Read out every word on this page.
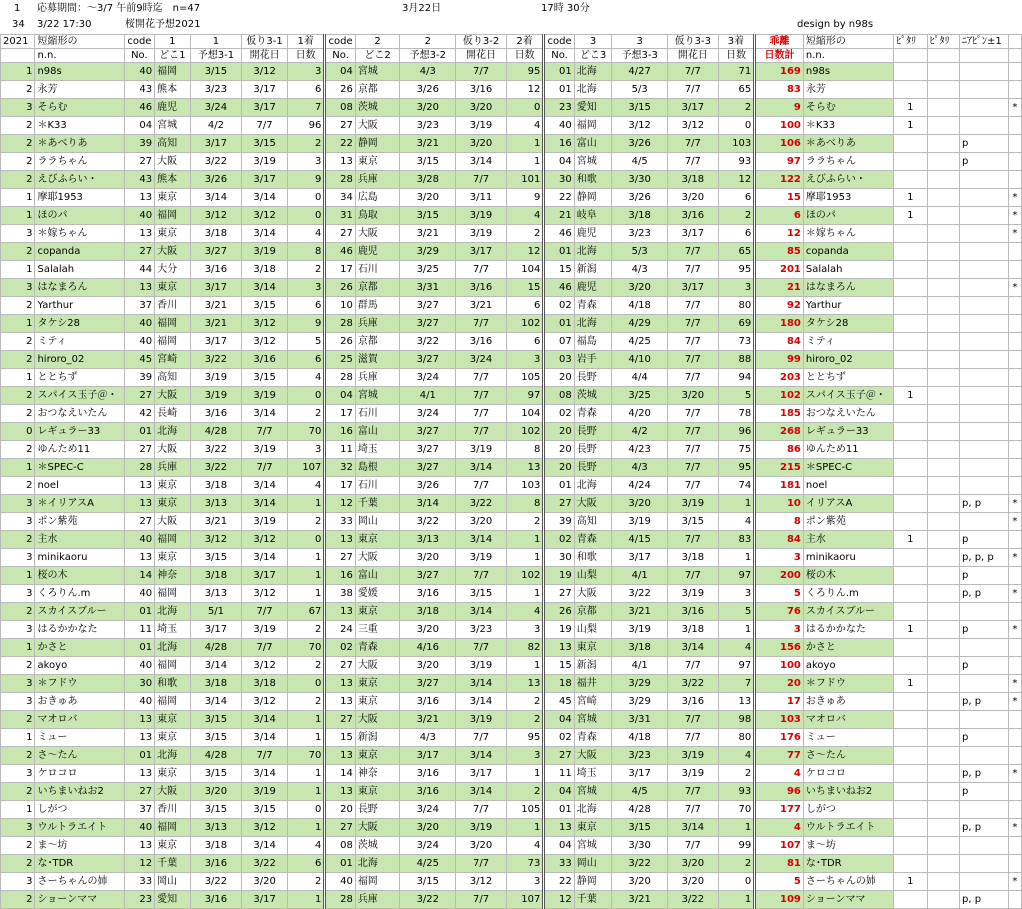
1 応募期間：～3/7 午前9時迄　n=47	3月22日	17時 30分
34 3/22 17:30	桜開花予想2021	design by n98s
2021	短縮形の	code	1	1	仮り3-1	1着	code	2	2	仮り3-2	2着	code	3	3	仮り3-3	3着	乖離	短縮形の	ﾋﾟﾀﾘ	ﾋﾟﾀﾘ	ﾆｱﾋﾟﾝ±1	
	n.n.	No.	どこ1	予想3-1	開花日	日数	No.	どこ2	予想3-2	開花日	日数	No.	どこ3	予想3-3	開花日	日数	日数計	n.n.				
1	n98s	40	福岡	3/15	3/12	3	04	宮城	4/3	7/7	95	01	北海	4/27	7/7	71	169	n98s				
2	永芳	43	熊本	3/23	3/17	6	26	京都	3/26	3/16	12	01	北海	5/3	7/7	65	83	永芳				
3	そらむ	46	鹿児	3/24	3/17	7	08	茨城	3/20	3/20	0	23	愛知	3/15	3/17	2	9	そらむ	1			*
2	＊K33	04	宮城	4/2	7/7	96	27	大阪	3/23	3/19	4	40	福岡	3/12	3/12	0	100	＊K33	1			
2	＊あべりあ	39	高知	3/17	3/15	2	22	静岡	3/21	3/20	1	16	富山	3/26	7/7	103	106	＊あべりあ			p	
2	ララちゃん	27	大阪	3/22	3/19	3	13	東京	3/15	3/14	1	04	宮城	4/5	7/7	93	97	ララちゃん			p	
2	えびふらい・	43	熊本	3/26	3/17	9	28	兵庫	3/28	7/7	101	30	和歌	3/30	3/18	12	122	えびふらい・				
1	摩耶1953	13	東京	3/14	3/14	0	34	広島	3/20	3/11	9	22	静岡	3/26	3/20	6	15	摩耶1953	1			*
1	ほのパ	40	福岡	3/12	3/12	0	31	鳥取	3/15	3/19	4	21	岐阜	3/18	3/16	2	6	ほのパ	1			*
3	＊嫁ちゃん	13	東京	3/18	3/14	4	27	大阪	3/21	3/19	2	46	鹿児	3/23	3/17	6	12	＊嫁ちゃん				*
2	copanda	27	大阪	3/27	3/19	8	46	鹿児	3/29	3/17	12	01	北海	5/3	7/7	65	85	copanda				
1	Salalah	44	大分	3/16	3/18	2	17	石川	3/25	7/7	104	15	新潟	4/3	7/7	95	201	Salalah				
3	はなまろん	13	東京	3/17	3/14	3	26	京都	3/31	3/16	15	46	鹿児	3/20	3/17	3	21	はなまろん				*
2	Yarthur	37	香川	3/21	3/15	6	10	群馬	3/27	3/21	6	02	青森	4/18	7/7	80	92	Yarthur				
1	タケシ28	40	福岡	3/21	3/12	9	28	兵庫	3/27	7/7	102	01	北海	4/29	7/7	69	180	タケシ28				
2	ミティ	40	福岡	3/17	3/12	5	26	京都	3/22	3/16	6	07	福島	4/25	7/7	73	84	ミティ				
2	hiroro_02	45	宮崎	3/22	3/16	6	25	滋賀	3/27	3/24	3	03	岩手	4/10	7/7	88	99	hiroro_02				
1	ととちず	39	高知	3/19	3/15	4	28	兵庫	3/24	7/7	105	20	長野	4/4	7/7	94	203	ととちず				
2	スパイス玉子＠・	27	大阪	3/19	3/19	0	04	宮城	4/1	7/7	97	08	茨城	3/25	3/20	5	102	スパイス玉子＠・	1			
2	おつなえいたん	42	長崎	3/16	3/14	2	17	石川	3/24	7/7	104	02	青森	4/20	7/7	78	185	おつなえいたん				
0	レギュラー33	01	北海	4/28	7/7	70	16	富山	3/27	7/7	102	20	長野	4/2	7/7	96	268	レギュラー33				
2	ゆんため11	27	大阪	3/22	3/19	3	11	埼玉	3/27	3/19	8	20	長野	4/23	7/7	75	86	ゆんため11				
1	＊SPEC-C	28	兵庫	3/22	7/7	107	32	島根	3/27	3/14	13	20	長野	4/3	7/7	95	215	＊SPEC-C				
2	noel	13	東京	3/18	3/14	4	17	石川	3/26	7/7	103	01	北海	4/24	7/7	74	181	noel				
3	＊イリアスA	13	東京	3/13	3/14	1	12	千葉	3/14	3/22	8	27	大阪	3/20	3/19	1	10	イリアスA			p, p	*
3	ポン紫苑	27	大阪	3/21	3/19	2	33	岡山	3/22	3/20	2	39	高知	3/19	3/15	4	8	ポン紫苑				*
2	主水	40	福岡	3/12	3/12	0	13	東京	3/13	3/14	1	02	青森	4/15	7/7	83	84	主水	1		p	
3	minikaoru	13	東京	3/15	3/14	1	27	大阪	3/20	3/19	1	30	和歌	3/17	3/18	1	3	minikaoru			p, p, p	*
1	桜の木	14	神奈	3/18	3/17	1	16	富山	3/27	7/7	102	19	山梨	4/1	7/7	97	200	桜の木			p	
3	くろりん.m	40	福岡	3/13	3/12	1	38	愛媛	3/16	3/15	1	27	大阪	3/22	3/19	3	5	くろりん.m			p, p	*
2	スカイスブルー	01	北海	5/1	7/7	67	13	東京	3/18	3/14	4	26	京都	3/21	3/16	5	76	スカイスブルー				
3	はるかかなた	11	埼玉	3/17	3/19	2	24	三重	3/20	3/23	3	19	山梨	3/19	3/18	1	3	はるかかなた	1		p	*
1	かさと	01	北海	4/28	7/7	70	02	青森	4/16	7/7	82	13	東京	3/18	3/14	4	156	かさと				
2	akoyo	40	福岡	3/14	3/12	2	27	大阪	3/20	3/19	1	15	新潟	4/1	7/7	97	100	akoyo			p	
3	＊フドウ	30	和歌	3/18	3/18	0	13	東京	3/27	3/14	13	18	福井	3/29	3/22	7	20	＊フドウ	1			*
3	おきゅあ	40	福岡	3/14	3/12	2	13	東京	3/16	3/14	2	45	宮崎	3/29	3/16	13	17	おきゅあ			p, p	*
2	マオロバ	13	東京	3/15	3/14	1	27	大阪	3/21	3/19	2	04	宮城	3/31	7/7	98	103	マオロバ				
1	ミュー	13	東京	3/15	3/14	1	15	新潟	4/3	7/7	95	02	青森	4/18	7/7	80	176	ミュー			p	
2	さ～たん	01	北海	4/28	7/7	70	13	東京	3/17	3/14	3	27	大阪	3/23	3/19	4	77	さ～たん				
3	ケロコロ	13	東京	3/15	3/14	1	14	神奈	3/16	3/17	1	11	埼玉	3/17	3/19	2	4	ケロコロ			p, p	*
2	いちまいねお2	27	大阪	3/20	3/19	1	13	東京	3/16	3/14	2	04	宮城	4/5	7/7	93	96	いちまいねお2			p	
1	しがつ	37	香川	3/15	3/15	0	20	長野	3/24	7/7	105	01	北海	4/28	7/7	70	177	しがつ				
3	ウルトラエイト	40	福岡	3/13	3/12	1	27	大阪	3/20	3/19	1	13	東京	3/15	3/14	1	4	ウルトラエイト			p, p	*
2	ま～坊	13	東京	3/18	3/14	4	08	茨城	3/24	3/20	4	04	宮城	3/30	7/7	99	107	ま～坊				
2	な･TDR	12	千葉	3/16	3/22	6	01	北海	4/25	7/7	73	33	岡山	3/22	3/20	2	81	な･TDR				
3	さーちゃんの姉	33	岡山	3/22	3/20	2	40	福岡	3/15	3/12	3	22	静岡	3/20	3/20	0	5	さーちゃんの姉	1			*
2	ショーンママ	23	愛知	3/16	3/17	1	28	兵庫	3/22	7/7	107	12	千葉	3/21	3/22	1	109	ショーンママ			p, p	
